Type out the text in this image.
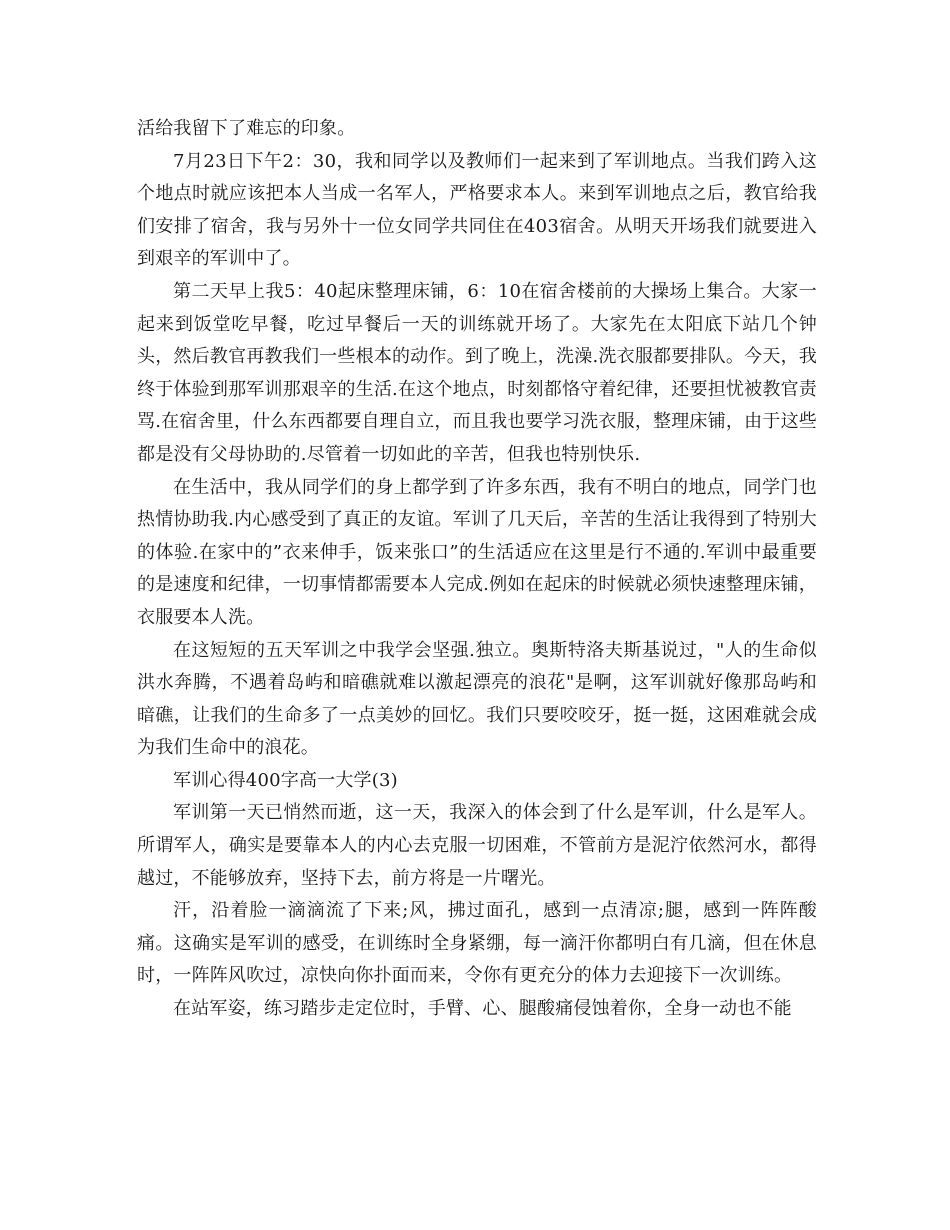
活给我留下了难忘的印象。

7月23日下午2：30，我和同学以及教师们一起来到了军训地点。当我们跨入这个地点时就应该把本人当成一名军人，严格要求本人。来到军训地点之后，教官给我们安排了宿舍，我与另外十一位女同学共同住在403宿舍。从明天开场我们就要进入到艰辛的军训中了。

第二天早上我5：40起床整理床铺，6：10在宿舍楼前的大操场上集合。大家一起来到饭堂吃早餐，吃过早餐后一天的训练就开场了。大家先在太阳底下站几个钟头，然后教官再教我们一些根本的动作。到了晚上，洗澡.洗衣服都要排队。今天，我终于体验到那军训那艰辛的生活.在这个地点，时刻都恪守着纪律，还要担忧被教官责骂.在宿舍里，什么东西都要自理自立，而且我也要学习洗衣服，整理床铺，由于这些都是没有父母协助的.尽管着一切如此的辛苦，但我也特别快乐.

在生活中，我从同学们的身上都学到了许多东西，我有不明白的地点，同学门也热情协助我.内心感受到了真正的友谊。军训了几天后，辛苦的生活让我得到了特别大的体验.在家中的”衣来伸手，饭来张口”的生活适应在这里是行不通的.军训中最重要的是速度和纪律，一切事情都需要本人完成.例如在起床的时候就必须快速整理床铺，衣服要本人洗。

在这短短的五天军训之中我学会坚强.独立。奥斯特洛夫斯基说过，"人的生命似洪水奔腾，不遇着岛屿和暗礁就难以激起漂亮的浪花"是啊，这军训就好像那岛屿和暗礁，让我们的生命多了一点美妙的回忆。我们只要咬咬牙，挺一挺，这困难就会成为我们生命中的浪花。

军训心得400字高一大学(3)

军训第一天已悄然而逝，这一天，我深入的体会到了什么是军训，什么是军人。所谓军人，确实是要靠本人的内心去克服一切困难，不管前方是泥泞依然河水，都得越过，不能够放弃，坚持下去，前方将是一片曙光。

汗，沿着脸一滴滴流了下来;风，拂过面孔，感到一点清凉;腿，感到一阵阵酸痛。这确实是军训的感受，在训练时全身紧绷，每一滴汗你都明白有几滴，但在休息时，一阵阵风吹过，凉快向你扑面而来，令你有更充分的体力去迎接下一次训练。

在站军姿，练习踏步走定位时，手臂、心、腿酸痛侵蚀着你，全身一动也不能
